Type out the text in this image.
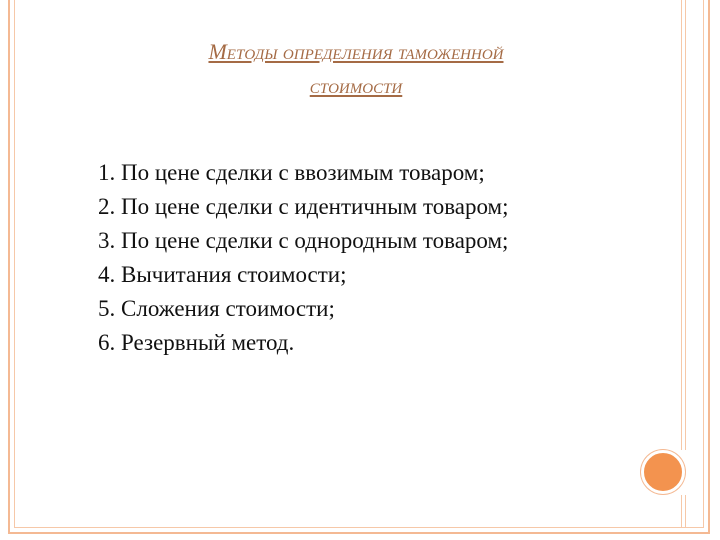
Методы определения таможенной
стоимости
1. По цене сделки с ввозимым товаром;
2. По цене сделки с идентичным товаром;
3. По цене сделки с однородным товаром;
4. Вычитания стоимости;
5. Сложения стоимости;
6. Резервный метод.
